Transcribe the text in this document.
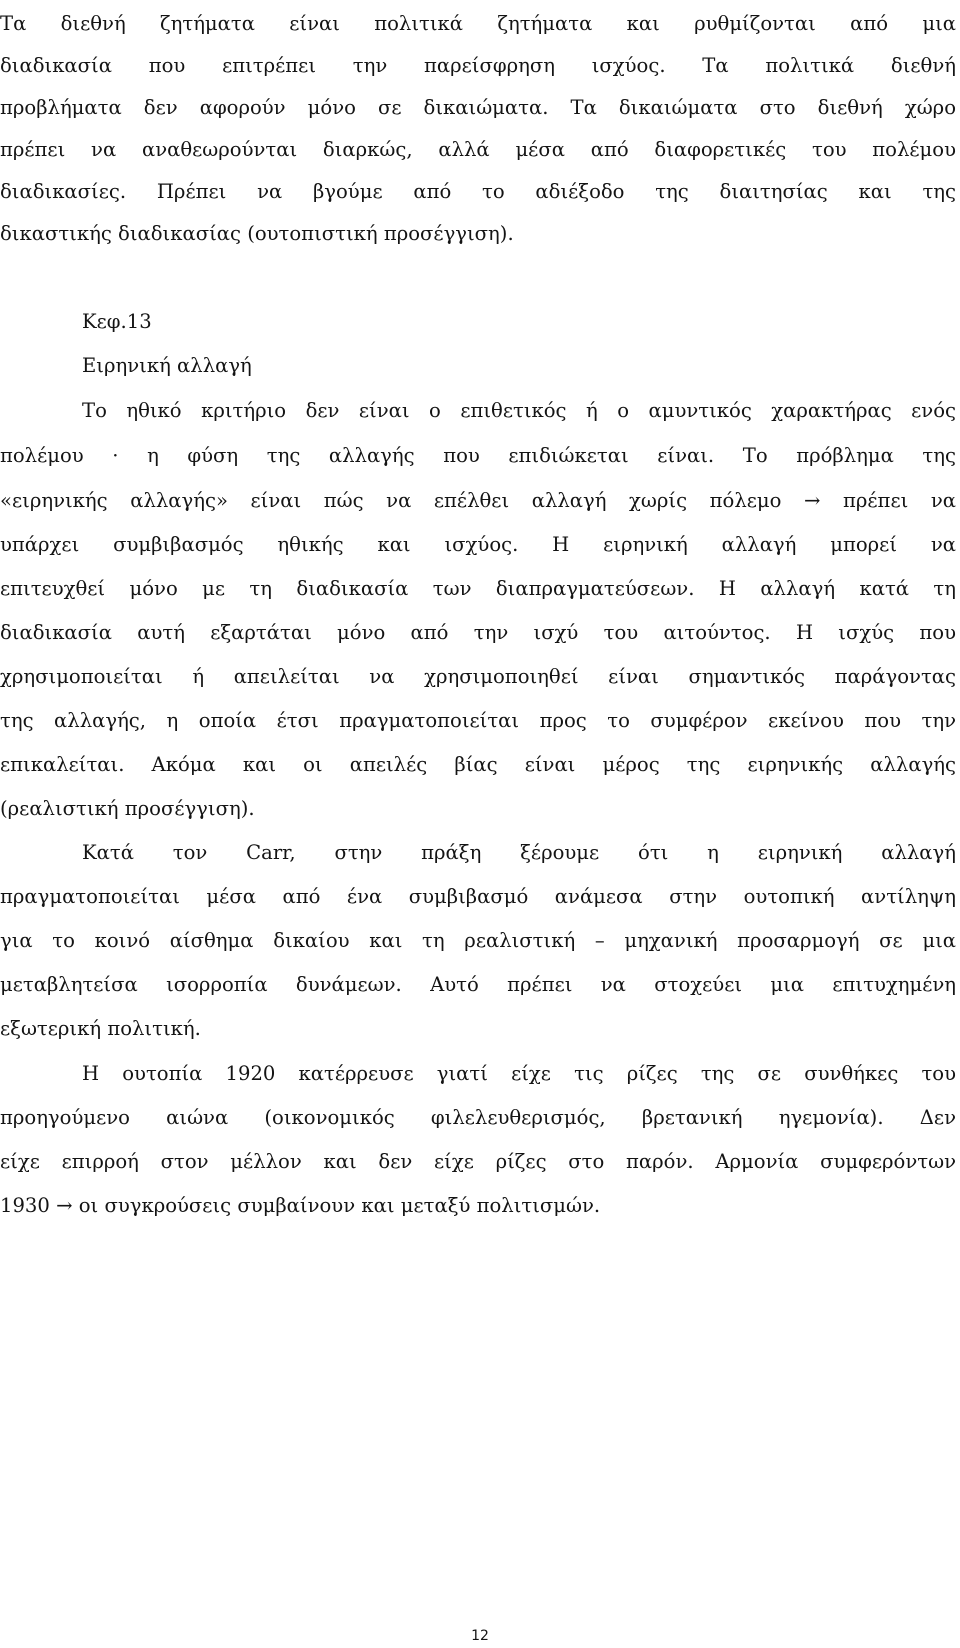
Τα διεθνή ζητήματα είναι πολιτικά ζητήματα και ρυθμίζονται από μια
διαδικασία που επιτρέπει την παρείσφρηση ισχύος. Τα πολιτικά διεθνή
προβλήματα δεν αφορούν μόνο σε δικαιώματα. Τα δικαιώματα στο διεθνή χώρο
πρέπει να αναθεωρούνται διαρκώς, αλλά μέσα από διαφορετικές του πολέμου
διαδικασίες. Πρέπει να βγούμε από το αδιέξοδο της διαιτησίας και της
δικαστικής διαδικασίας (ουτοπιστική προσέγγιση).
Κεφ.13
Ειρηνική αλλαγή
Το ηθικό κριτήριο δεν είναι ο επιθετικός ή ο αμυντικός χαρακτήρας ενός
πολέμου · η φύση της αλλαγής που επιδιώκεται είναι. Το πρόβλημα της
«ειρηνικής αλλαγής» είναι πώς να επέλθει αλλαγή χωρίς πόλεμο → πρέπει να
υπάρχει συμβιβασμός ηθικής και ισχύος. Η ειρηνική αλλαγή μπορεί να
επιτευχθεί μόνο με τη διαδικασία των διαπραγματεύσεων. Η αλλαγή κατά τη
διαδικασία αυτή εξαρτάται μόνο από την ισχύ του αιτούντος. Η ισχύς που
χρησιμοποιείται ή απειλείται να χρησιμοποιηθεί είναι σημαντικός παράγοντας
της αλλαγής, η οποία έτσι πραγματοποιείται προς το συμφέρον εκείνου που την
επικαλείται. Ακόμα και οι απειλές βίας είναι μέρος της ειρηνικής αλλαγής
(ρεαλιστική προσέγγιση).
Κατά τον Carr, στην πράξη ξέρουμε ότι η ειρηνική αλλαγή
πραγματοποιείται μέσα από ένα συμβιβασμό ανάμεσα στην ουτοπική αντίληψη
για το κοινό αίσθημα δικαίου και τη ρεαλιστική – μηχανική προσαρμογή σε μια
μεταβλητείσα ισορροπία δυνάμεων. Αυτό πρέπει να στοχεύει μια επιτυχημένη
εξωτερική πολιτική.
Η ουτοπία 1920 κατέρρευσε γιατί είχε τις ρίζες της σε συνθήκες του
προηγούμενο αιώνα (οικονομικός φιλελευθερισμός, βρετανική ηγεμονία). Δεν
είχε επιρροή στον μέλλον και δεν είχε ρίζες στο παρόν. Αρμονία συμφερόντων
1930 → οι συγκρούσεις συμβαίνουν και μεταξύ πολιτισμών.
12
